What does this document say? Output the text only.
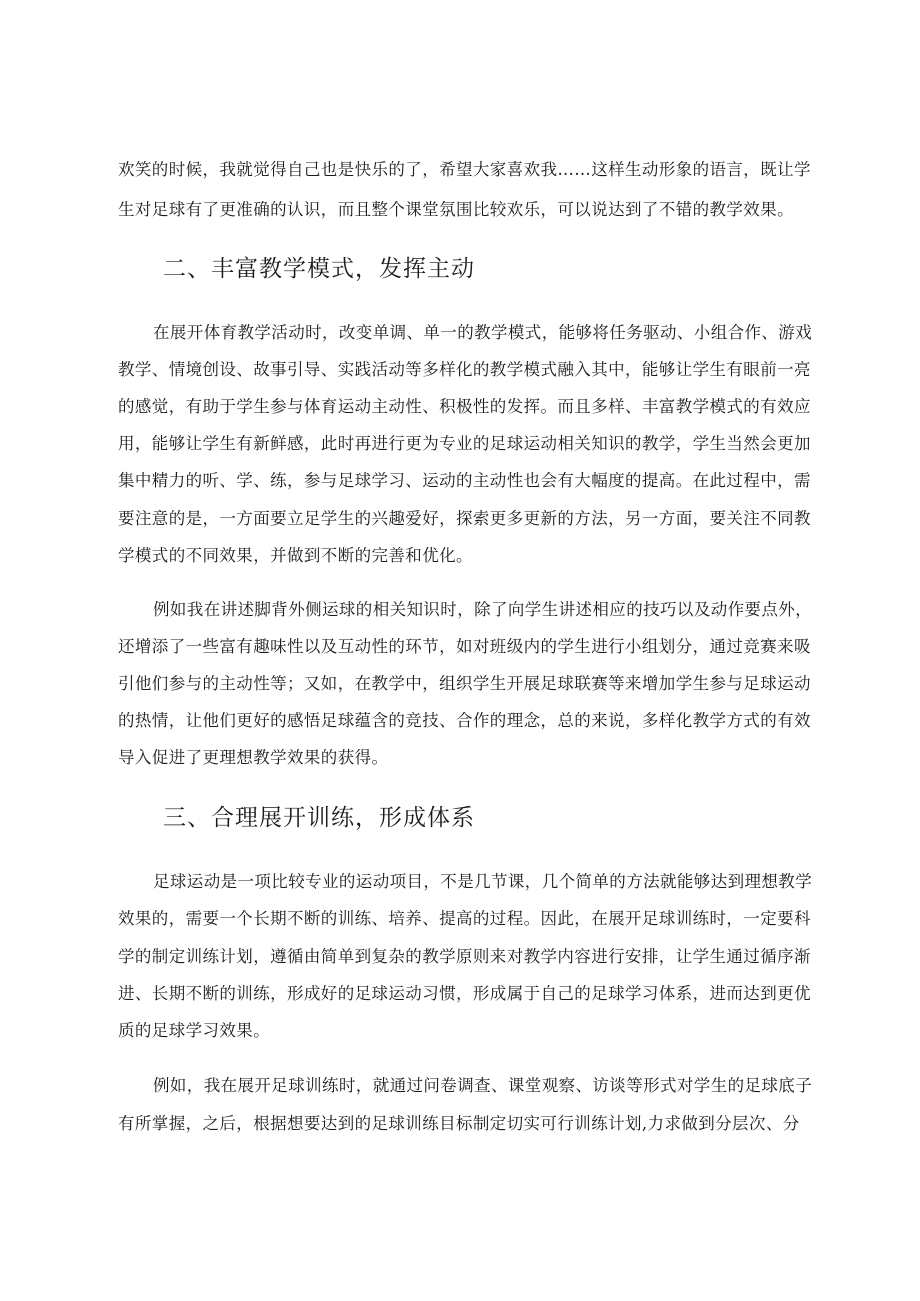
欢笑的时候，我就觉得自己也是快乐的了，希望大家喜欢我……这样生动形象的语言，既让学
生对足球有了更准确的认识，而且整个课堂氛围比较欢乐，可以说达到了不错的教学效果。
二、丰富教学模式，发挥主动
在展开体育教学活动时，改变单调、单一的教学模式，能够将任务驱动、小组合作、游戏
教学、情境创设、故事引导、实践活动等多样化的教学模式融入其中，能够让学生有眼前一亮
的感觉，有助于学生参与体育运动主动性、积极性的发挥。而且多样、丰富教学模式的有效应
用，能够让学生有新鲜感，此时再进行更为专业的足球运动相关知识的教学，学生当然会更加
集中精力的听、学、练，参与足球学习、运动的主动性也会有大幅度的提高。在此过程中，需
要注意的是，一方面要立足学生的兴趣爱好，探索更多更新的方法，另一方面，要关注不同教
学模式的不同效果，并做到不断的完善和优化。
例如我在讲述脚背外侧运球的相关知识时，除了向学生讲述相应的技巧以及动作要点外，
还增添了一些富有趣味性以及互动性的环节，如对班级内的学生进行小组划分，通过竞赛来吸
引他们参与的主动性等；又如，在教学中，组织学生开展足球联赛等来增加学生参与足球运动
的热情，让他们更好的感悟足球蕴含的竞技、合作的理念，总的来说，多样化教学方式的有效
导入促进了更理想教学效果的获得。
三、合理展开训练，形成体系
足球运动是一项比较专业的运动项目，不是几节课，几个简单的方法就能够达到理想教学
效果的，需要一个长期不断的训练、培养、提高的过程。因此，在展开足球训练时，一定要科
学的制定训练计划，遵循由简单到复杂的教学原则来对教学内容进行安排，让学生通过循序渐
进、长期不断的训练，形成好的足球运动习惯，形成属于自己的足球学习体系，进而达到更优
质的足球学习效果。
例如，我在展开足球训练时，就通过问卷调查、课堂观察、访谈等形式对学生的足球底子
有所掌握，之后，根据想要达到的足球训练目标制定切实可行训练计划,力求做到分层次、分
